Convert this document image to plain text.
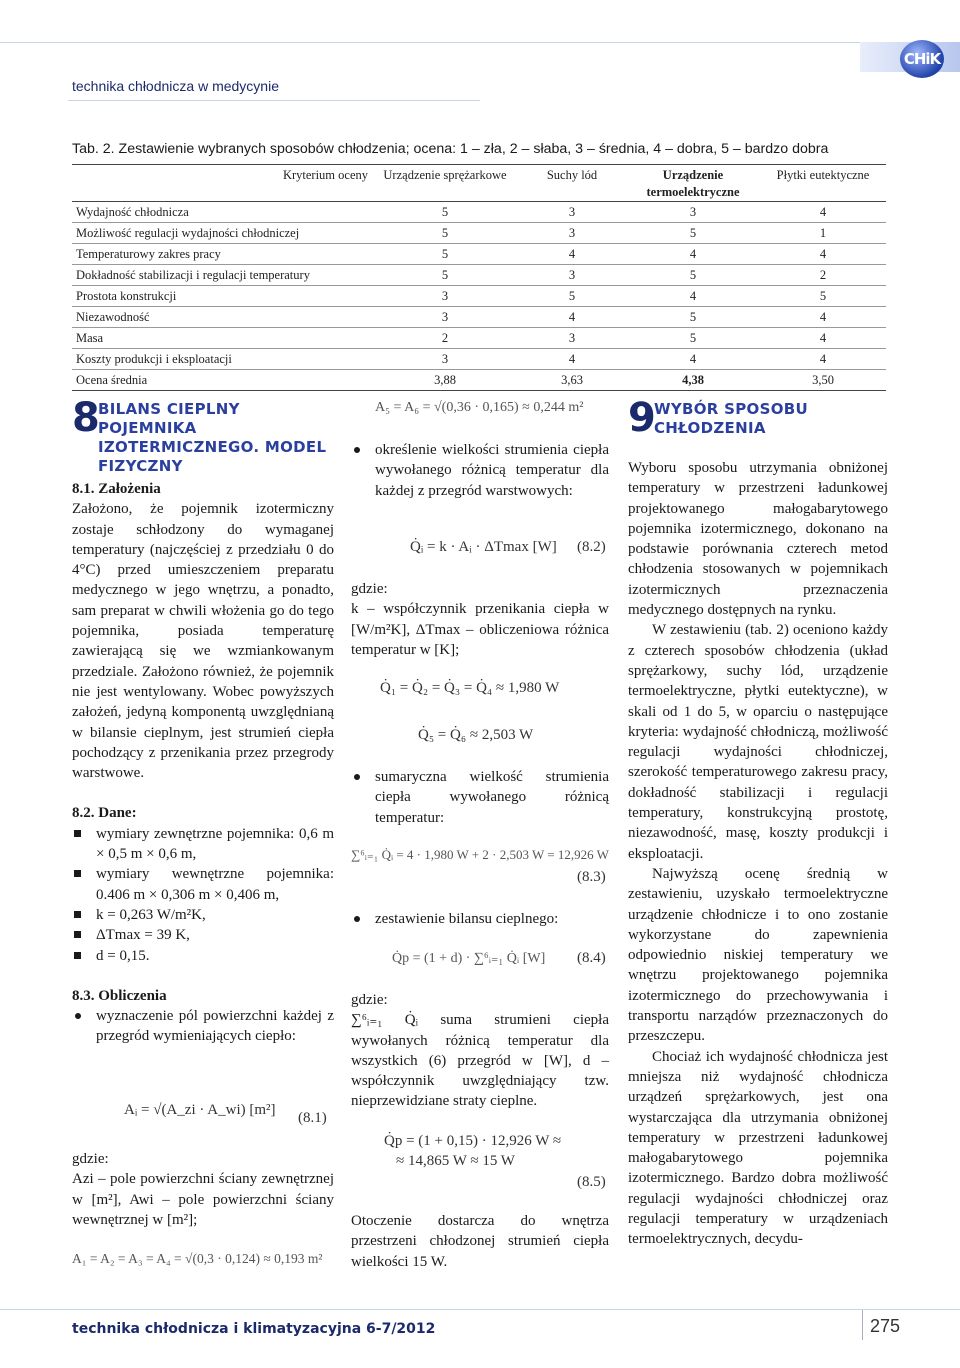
CHiK
technika chłodnicza w medycynie
Tab. 2. Zestawienie wybranych sposobów chłodzenia; ocena: 1 – zła, 2 – słaba, 3 – średnia, 4 – dobra, 5 – bardzo dobra
Kryterium oceny	Urządzenie sprężarkowe	Suchy lód	Urządzenie termoelektryczne	Płytki eutektyczne
Wydajność chłodnicza	5	3	3	4
Możliwość regulacji wydajności chłodniczej	5	3	5	1
Temperaturowy zakres pracy	5	4	4	4
Dokładność stabilizacji i regulacji temperatury	5	3	5	2
Prostota konstrukcji	3	5	4	5
Niezawodność	3	4	5	4
Masa	2	3	5	4
Koszty produkcji i eksploatacji	3	4	4	4
Ocena średnia	3,88	3,63	4,38	3,50
8
BILANS CIEPLNY POJEMNIKA IZOTERMICZNEGO. MODEL FIZYCZNY

8.1. Założenia

Założono, że pojemnik izotermiczny zostaje schłodzony do wymaganej temperatury (najczęściej z przedziału 0 do 4°C) przed umieszczeniem preparatu medycznego w jego wnętrzu, a ponadto, sam preparat w chwili włożenia go do tego pojemnika, posiada temperaturę zawierającą się we wzmiankowanym przedziale. Założono również, że pojemnik nie jest wentylowany. Wobec powyższych założeń, jedyną komponentą uwzględnianą w bilansie cieplnym, jest strumień ciepła pochodzący z przenikania przez przegrody warstwowe.

8.2. Dane:

wymiary zewnętrzne pojemnika: 0,6 m × 0,5 m × 0,6 m,
wymiary wewnętrzne pojemnika: 0.406 m × 0,306 m × 0,406 m,
k = 0,263 W/m²K,
ΔTmax = 39 K,
d = 0,15.

8.3. Obliczenia

wyznaczenie pól powierzchni każdej z przegród wymieniających ciepło:
Aᵢ = √(A_zi · A_wi) [m²] (8.1)

gdzie:

Azi – pole powierzchni ściany zewnętrznej w [m²], Awi – pole powierzchni ściany wewnętrznej w [m²];

A₁ = A₂ = A₃ = A₄ = √(0,3 · 0,124) ≈ 0,193 m²
A₅ = A₆ = √(0,36 · 0,165) ≈ 0,244 m²
określenie wielkości strumienia ciepła wywołanego różnicą temperatur dla każdej z przegród warstwowych:
Q̇ᵢ = k · Aᵢ · ΔTmax [W] (8.2)

gdzie:

k – współczynnik przenikania ciepła w [W/m²K], ΔTmax – obliczeniowa różnica temperatur w [K];

Q̇₁ = Q̇₂ = Q̇₃ = Q̇₄ ≈ 1,980 W
Q̇₅ = Q̇₆ ≈ 2,503 W
sumaryczna wielkość strumienia ciepła wywołanego różnicą temperatur:
∑⁶ᵢ₌₁ Q̇ᵢ = 4 · 1,980 W + 2 · 2,503 W = 12,926 W
(8.3)
zestawienie bilansu cieplnego:
Q̇p = (1 + d) · ∑⁶ᵢ₌₁ Q̇ᵢ [W] (8.4)

gdzie:

∑⁶ᵢ₌₁ Q̇ᵢ suma strumieni ciepła wywołanych różnicą temperatur dla wszystkich (6) przegród w [W], d – współczynnik uwzględniający tzw. nieprzewidziane straty cieplne.

Q̇p = (1 + 0,15) · 12,926 W ≈
≈ 14,865 W ≈ 15 W
(8.5)

Otoczenie dostarcza do wnętrza przestrzeni chłodzonej strumień ciepła wielkości 15 W.

9
WYBÓR SPOSOBU CHŁODZENIA

Wyboru sposobu utrzymania obniżonej temperatury w przestrzeni ładunkowej projektowanego małogabarytowego pojemnika izotermicznego, dokonano na podstawie porównania czterech metod chłodzenia stosowanych w pojemnikach izotermicznych przeznaczenia medycznego dostępnych na rynku.

W zestawieniu (tab. 2) oceniono każdy z czterech sposobów chłodzenia (układ sprężarkowy, suchy lód, urządzenie termoelektryczne, płytki eutektyczne), w skali od 1 do 5, w oparciu o następujące kryteria: wydajność chłodniczą, możliwość regulacji wydajności chłodniczej, szerokość temperaturowego zakresu pracy, dokładność stabilizacji i regulacji temperatury, konstrukcyjną prostotę, niezawodność, masę, koszty produkcji i eksploatacji.

Najwyższą ocenę średnią w zestawieniu, uzyskało termoelektryczne urządzenie chłodnicze i to ono zostanie wykorzystane do zapewnienia odpowiednio niskiej temperatury we wnętrzu projektowanego pojemnika izotermicznego do przechowywania i transportu narządów przeznaczonych do przeszczepu.

Chociaż ich wydajność chłodnicza jest mniejsza niż wydajność chłodnicza urządzeń sprężarkowych, jest ona wystarczająca dla utrzymania obniżonej temperatury w przestrzeni ładunkowej małogabarytowego pojemnika izotermicznego. Bardzo dobra możliwość regulacji wydajności chłodniczej oraz regulacji temperatury w urządzeniach termoelektrycznych, decydu-

technika chłodnicza i klimatyzacyjna 6-7/2012	275
